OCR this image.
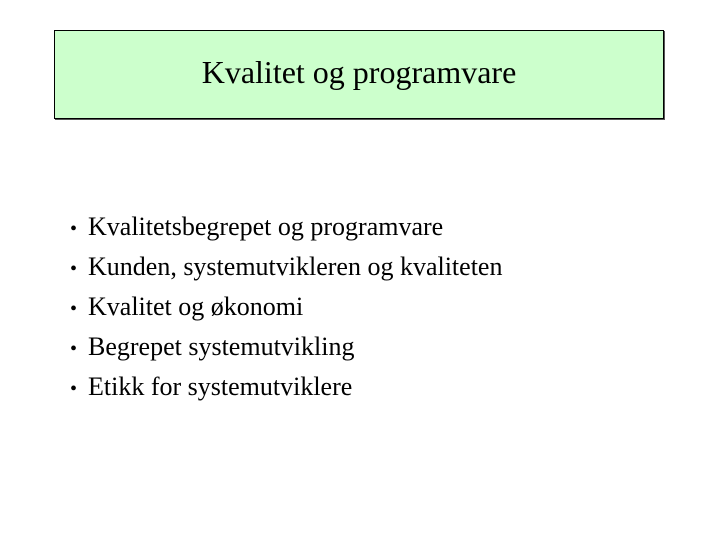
Kvalitet og programvare
• Kvalitetsbegrepet og programvare
• Kunden, systemutvikleren og kvaliteten
• Kvalitet og økonomi
• Begrepet systemutvikling
• Etikk for systemutviklere
